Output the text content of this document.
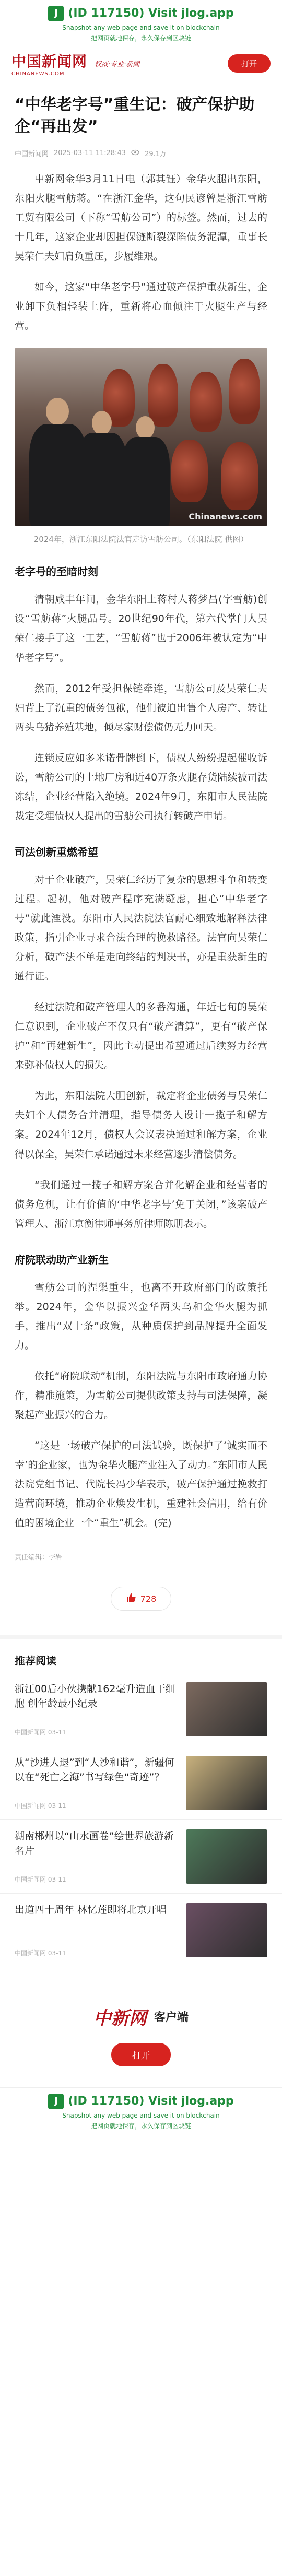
J (ID 117150) Visit jlog.app
Snapshot any web page and save it on blockchain
把网页就地保存，永久保存到区块链
中国新闻网
CHINANEWS.COM
权威·专业·新闻	打开
“中华老字号”重生记：破产保护助企“再出发”
中国新闻网 2025-03-11 11:28:43	29.1万

中新网金华3月11日电（郭其钰）金华火腿出东阳，东阳火腿雪舫蒋。“在浙江金华，这句民谚曾是浙江雪舫工贸有限公司（下称“雪舫公司”）的标签。然而，过去的十几年，这家企业却因担保链断裂深陷债务泥潭，重事长吴荣仁夫妇肩负重压，步履维艰。

如今，这家“中华老字号”通过破产保护重获新生，企业卸下负相轻装上阵，重新将心血倾注于火腿生产与经营。

Chinanews.com

2024年，浙江东阳法院法官走访雪舫公司。（东阳法院 供图）

老字号的至暗时刻

清朝咸丰年间，金华东阳上蒋村人蒋梦昌(字雪舫)创设“雪舫蒋”火腿品号。20世纪90年代，第六代掌门人吴荣仁接手了这一工艺，“雪舫蒋”也于2006年被认定为“中华老字号”。

然而，2012年受担保链牵连，雪舫公司及吴荣仁夫妇背上了沉重的债务包袱，他们被迫出售个人房产、转让两头乌猪养殖基地，倾尽家财偿债仍无力回天。

连锁反应如多米诺骨牌倒下，债权人纷纷提起催收诉讼，雪舫公司的土地厂房和近40万条火腿存货陆续被司法冻结，企业经营陷入绝境。2024年9月，东阳市人民法院裁定受理债权人提出的雪舫公司执行转破产申请。

司法创新重燃希望

对于企业破产，吴荣仁经历了复杂的思想斗争和转变过程。起初，他对破产程序充满疑虑，担心“中华老字号”就此湮没。东阳市人民法院法官耐心细致地解释法律政策，指引企业寻求合法合理的挽救路径。法官向吴荣仁分析，破产法不单是走向终结的判决书，亦是重获新生的通行证。

经过法院和破产管理人的多番沟通，年近七旬的吴荣仁意识到，企业破产不仅只有“破产清算”，更有“破产保护”和“再建新生”，因此主动提出希望通过后续努力经营来弥补债权人的损失。

为此，东阳法院大胆创新，裁定将企业债务与吴荣仁夫妇个人债务合并清理，指导债务人设计一揽子和解方案。2024年12月，债权人会议表决通过和解方案，企业得以保全，吴荣仁承诺通过未来经营逐步清偿债务。

“我们通过一揽子和解方案合并化解企业和经营者的债务危机，让有价值的‘中华老字号’免于关闭，”该案破产管理人、浙江京衡律师事务所律师陈朋表示。

府院联动助产业新生

雪舫公司的涅槃重生，也离不开政府部门的政策托举。2024年，金华以振兴金华两头乌和金华火腿为抓手，推出“双十条”政策，从种质保护到品牌提升全面发力。

依托“府院联动”机制，东阳法院与东阳市政府通力协作，精准施策，为雪舫公司提供政策支持与司法保障，凝聚起产业振兴的合力。

“这是一场破产保护的司法试验，既保护了‘诚实而不幸’的企业家，也为金华火腿产业注入了动力。”东阳市人民法院党组书记、代院长冯少华表示，破产保护通过挽救打造营商环境，推动企业焕发生机，重建社会信用，给有价值的困境企业一个“重生”机会。(完)

责任编辑：李岩
728
推荐阅读
浙江00后小伙携献162毫升造血干细胞 创年龄最小纪录
中国新闻网 03-11
从“沙进人退”到“人沙和谐”，新疆何以在“死亡之海”书写绿色“奇迹”？
中国新闻网 03-11
湖南郴州以“山水画卷”绘世界旅游新名片
中国新闻网 03-11
出道四十周年 林忆莲即将北京开唱
中国新闻网 03-11
中新网 客户端
打开
J (ID 117150) Visit jlog.app
Snapshot any web page and save it on blockchain
把网页就地保存，永久保存到区块链
